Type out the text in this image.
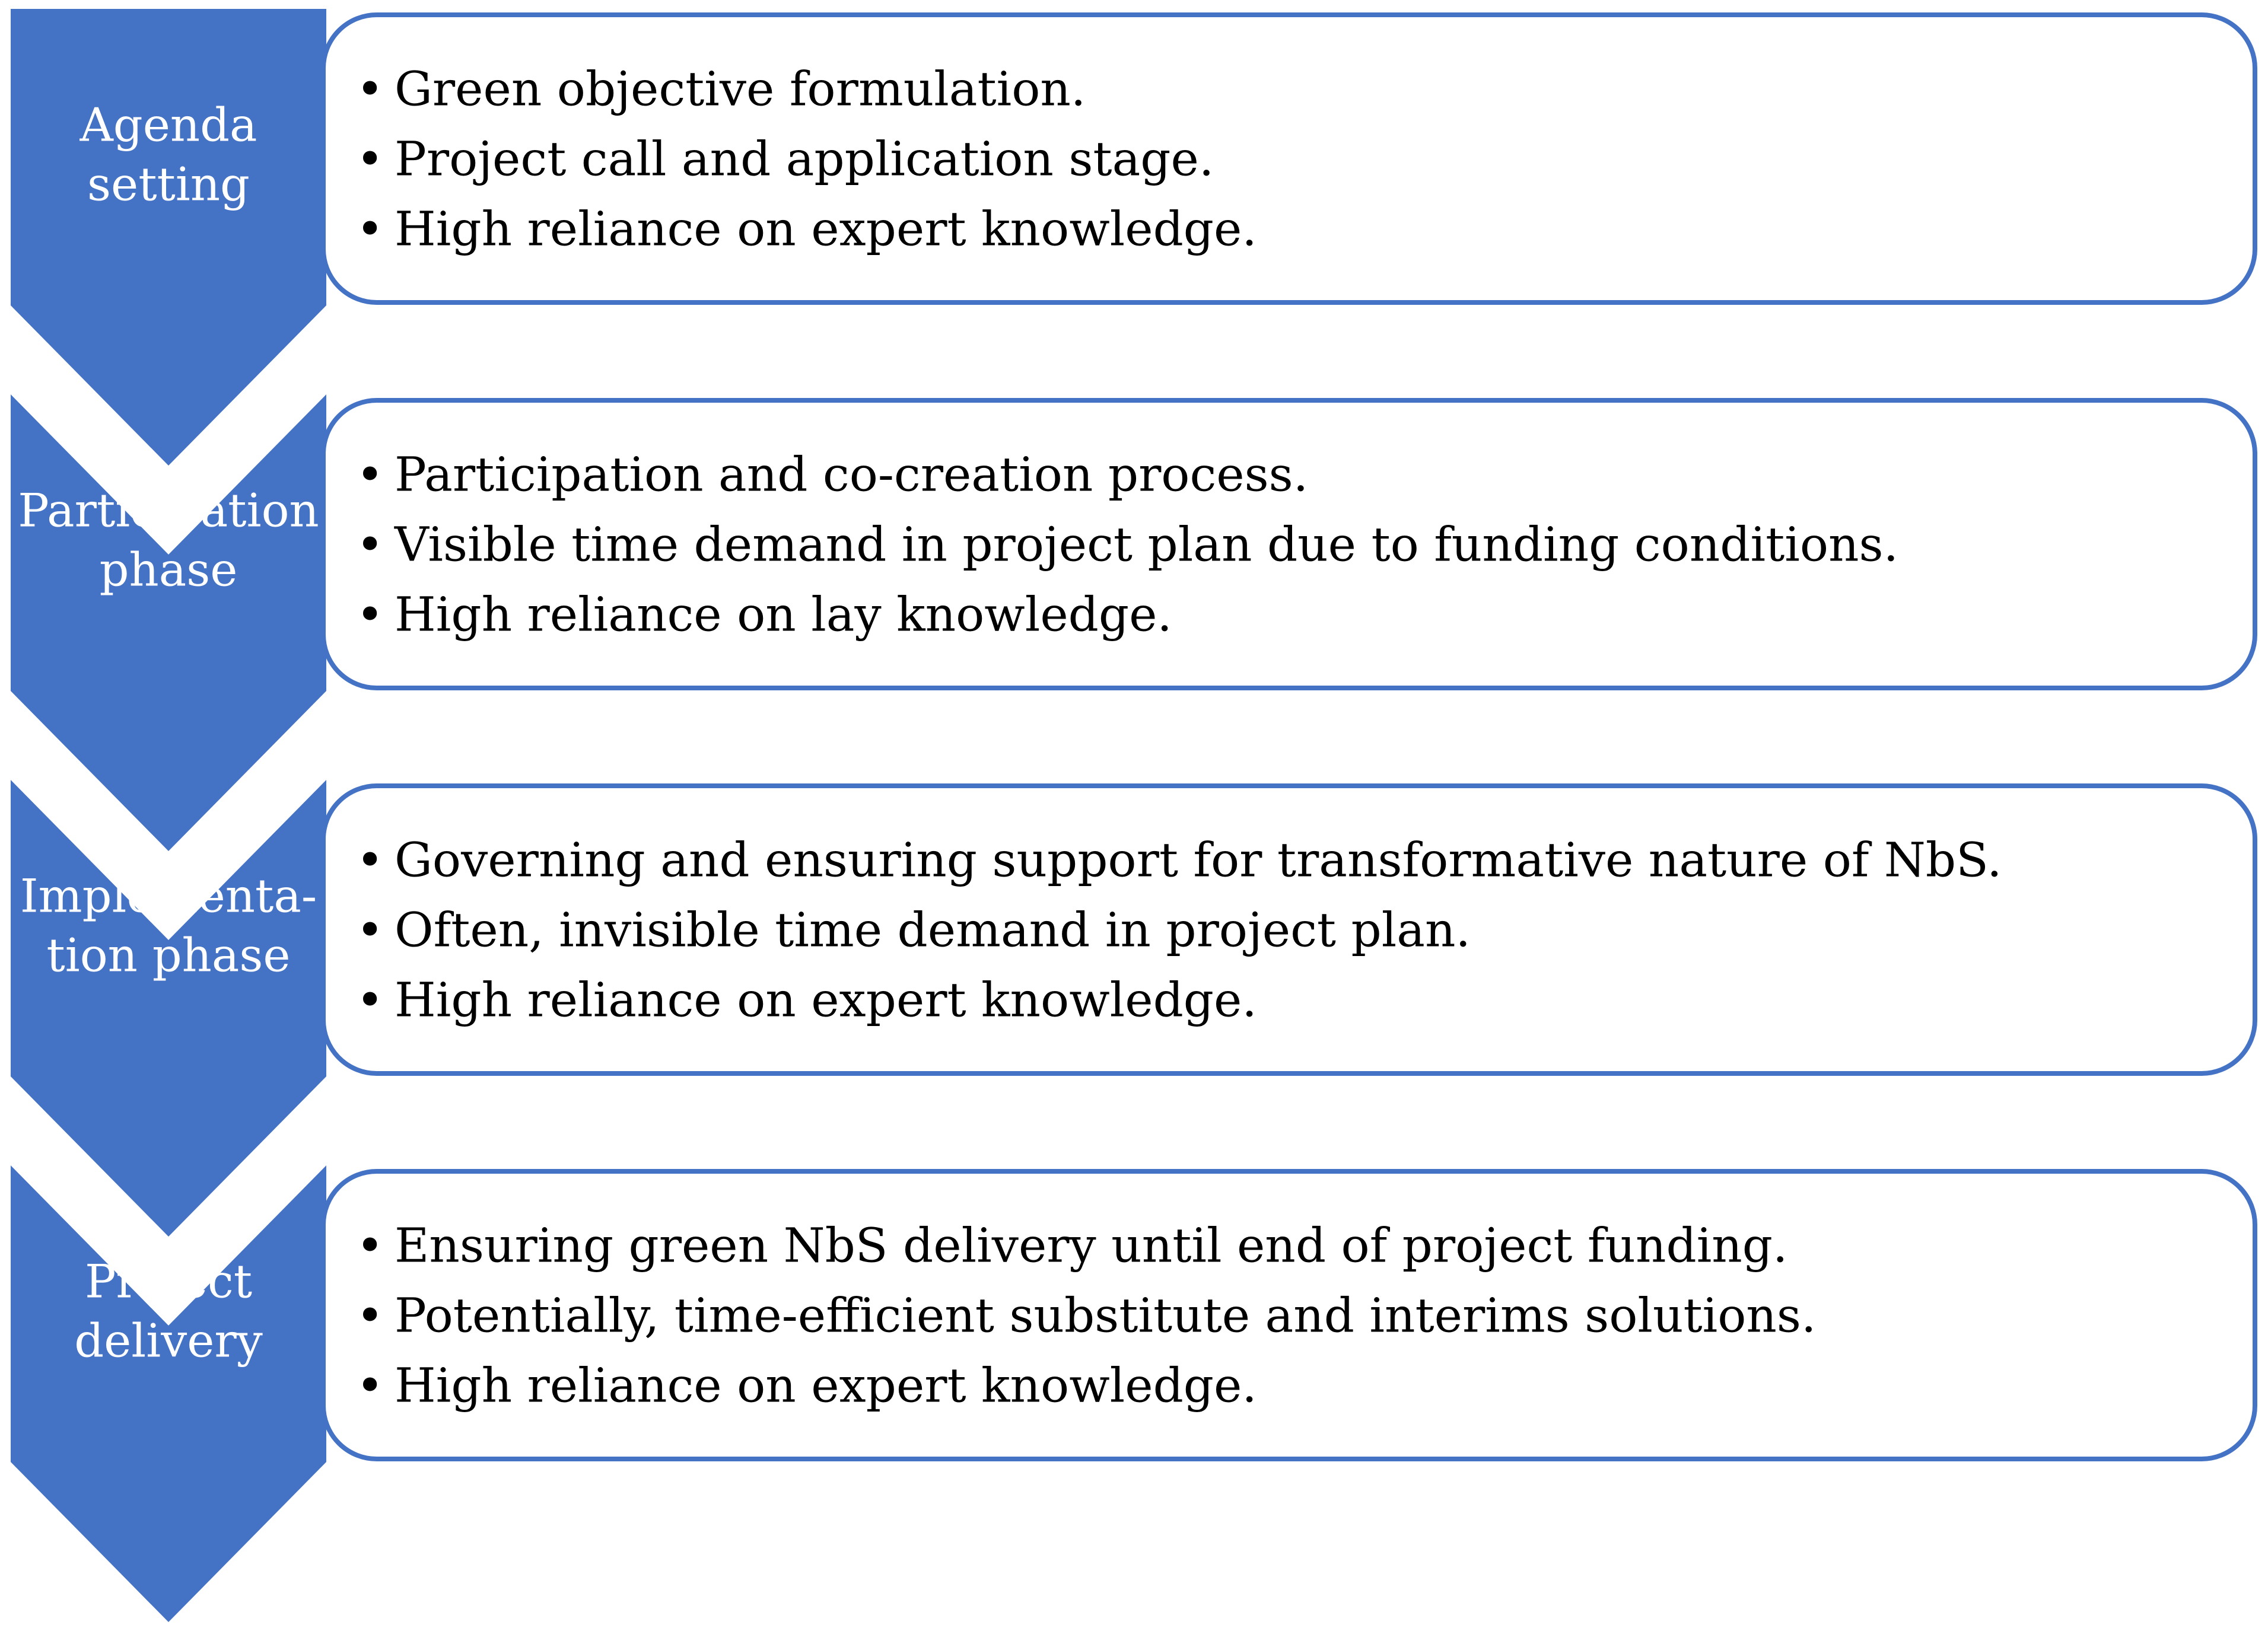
Agenda
setting
Participation
phase
Implementa-
tion phase
Project
delivery
• Green objective formulation.
• Project call and application stage.
• High reliance on expert knowledge.
• Participation and co-creation process.
• Visible time demand in project plan due to funding conditions.
• High reliance on lay knowledge.
• Governing and ensuring support for transformative nature of NbS.
• Often, invisible time demand in project plan.
• High reliance on expert knowledge.
• Ensuring green NbS delivery until end of project funding.
• Potentially, time-efficient substitute and interims solutions.
• High reliance on expert knowledge.
